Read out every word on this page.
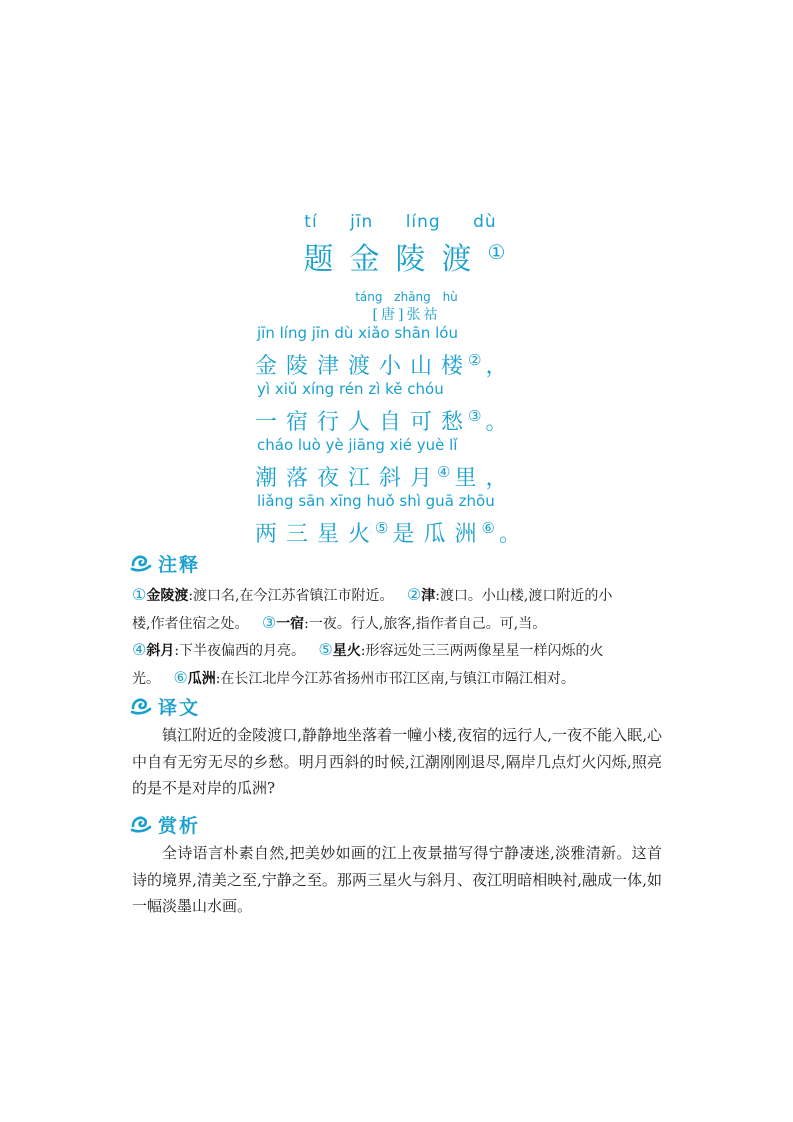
tí jīn líng dù
题金陵渡①
táng zhāng hù
[唐]张祜
jīn líng jīn dù xiǎo shān lóu
金陵津渡小山楼② ，
yì xiǔ xíng rén zì kě chóu
一宿行人自可愁③ 。
cháo luò yè jiāng xié yuè lǐ
潮落夜江斜月④ 里，
liǎng sān xīng huǒ shì guā zhōu
两三星火⑤ 是瓜洲⑥ 。
注释
①金陵渡:渡口名,在今江苏省镇江市附近。 ②津:渡口。小山楼,渡口附近的小
楼,作者住宿之处。 ③一宿:一夜。行人,旅客,指作者自己。可,当。
④斜月:下半夜偏西的月亮。 ⑤星火:形容远处三三两两像星星一样闪烁的火
光。 ⑥瓜洲:在长江北岸今江苏省扬州市邗江区南,与镇江市隔江相对。
译文
镇江附近的金陵渡口,静静地坐落着一幢小楼,夜宿的远行人,一夜不能入眠,心中自有无穷无尽的乡愁。明月西斜的时候,江潮刚刚退尽,隔岸几点灯火闪烁,照亮的是不是对岸的瓜洲?
赏析
全诗语言朴素自然,把美妙如画的江上夜景描写得宁静凄迷,淡雅清新。这首诗的境界,清美之至,宁静之至。那两三星火与斜月、夜江明暗相映衬,融成一体,如一幅淡墨山水画。
